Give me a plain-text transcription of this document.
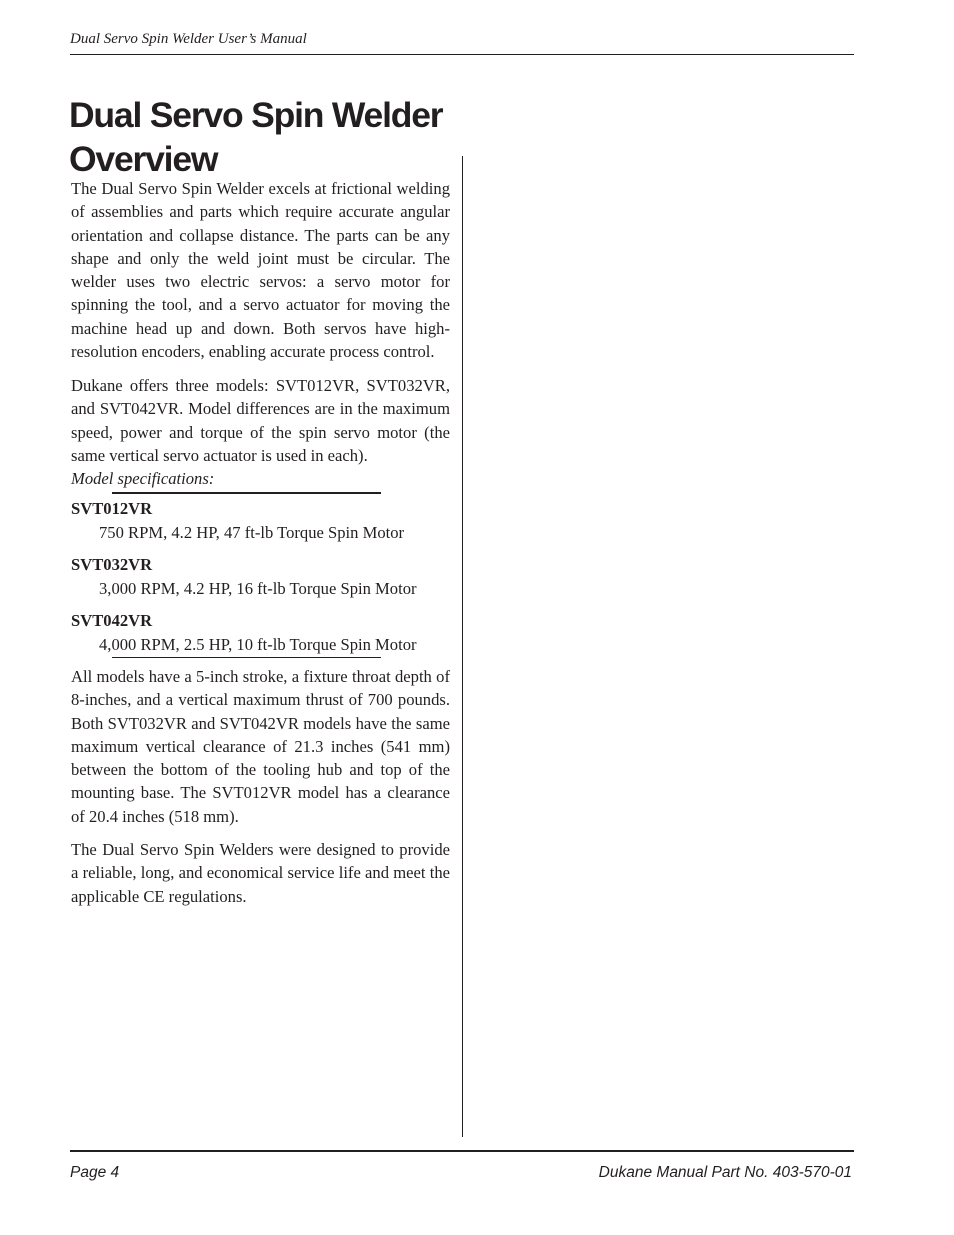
Dual Servo Spin Welder User’s Manual
Dual Servo Spin Welder
Overview

The Dual Servo Spin Welder excels at frictional welding of assemblies and parts which require accurate angular orientation and collapse distance. The parts can be any shape and only the weld joint must be circular. The welder uses two electric servos: a servo motor for spinning the tool, and a servo actuator for moving the machine head up and down. Both servos have high-resolution encoders, enabling accurate process control.

Dukane offers three models: SVT012VR, SVT032VR, and SVT042VR. Model differences are in the maximum speed, power and torque of the spin servo motor (the same vertical servo actuator is used in each).

Model specifications:
SVT012VR
750 RPM, 4.2 HP, 47 ft-lb Torque Spin Motor
SVT032VR
3,000 RPM, 4.2 HP, 16 ft-lb Torque Spin Motor
SVT042VR
4,000 RPM, 2.5 HP, 10 ft-lb Torque Spin Motor

All models have a 5-inch stroke, a fixture throat depth of 8-inches, and a vertical maximum thrust of 700 pounds. Both SVT032VR and SVT042VR models have the same maximum vertical clearance of 21.3 inches (541 mm) between the bottom of the tooling hub and top of the mounting base. The SVT012VR model has a clearance of 20.4 inches (518 mm).

The Dual Servo Spin Welders were designed to provide a reliable, long, and economical service life and meet the applicable CE regulations.

Page 4	Dukane Manual Part No. 403-570-01
